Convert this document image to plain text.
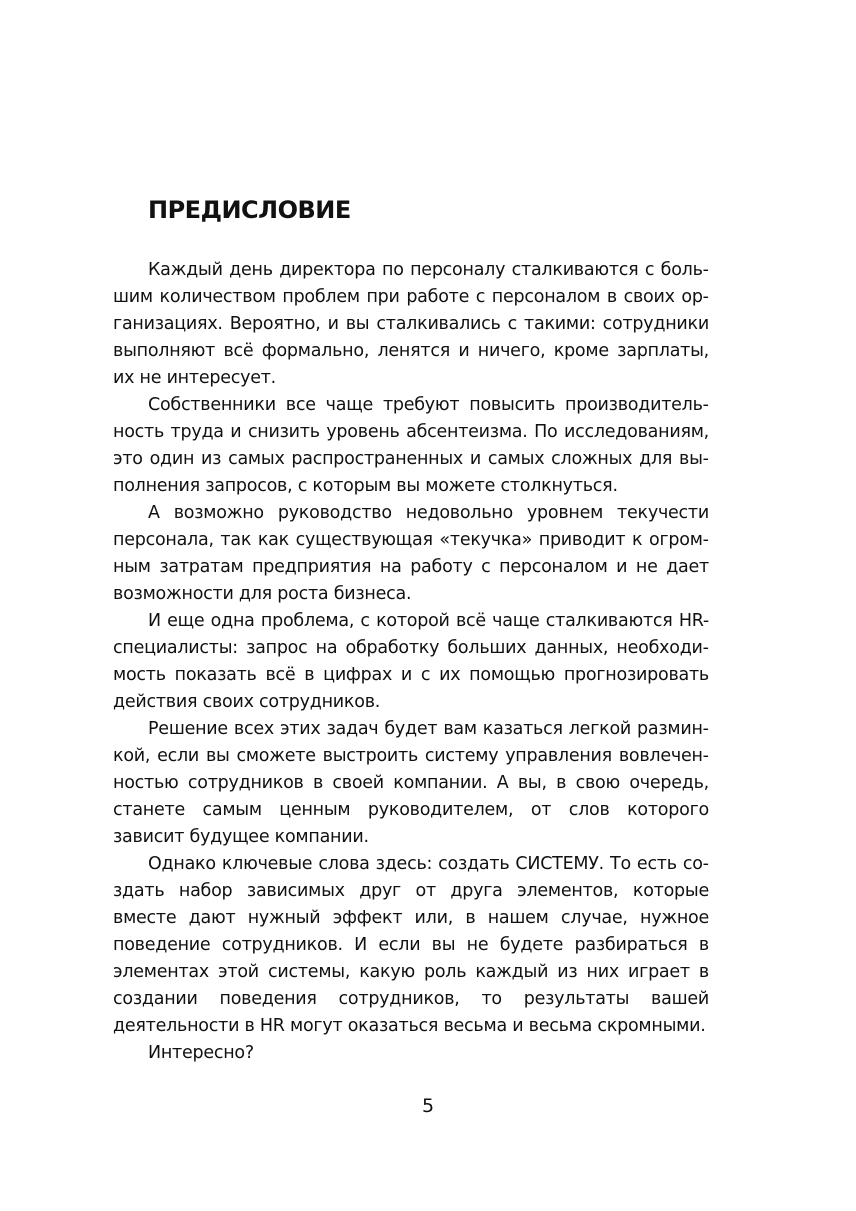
ПРЕДИСЛОВИЕ

Каждый день директора по персоналу сталкиваются с большим количеством проблем при работе с персоналом в своих организациях. Вероятно, и вы сталкивались с такими: сотрудники выполняют всё формально, ленятся и ничего, кроме зарплаты, их не интересует.

Собственники все чаще требуют повысить производительность труда и снизить уровень абсентеизма. По исследованиям, это один из самых распространенных и самых сложных для выполнения запросов, с которым вы можете столкнуться.

А возможно руководство недовольно уровнем текучести персонала, так как существующая «текучка» приводит к огромным затратам предприятия на работу с персоналом и не дает возможности для роста бизнеса.

И еще одна проблема, с которой всё чаще сталкиваются HR-специалисты: запрос на обработку больших данных, необходимость показать всё в цифрах и с их помощью прогнозировать действия своих сотрудников.

Решение всех этих задач будет вам казаться легкой разминкой, если вы сможете выстроить систему управления вовлеченностью сотрудников в своей компании. А вы, в свою очередь, станете самым ценным руководителем, от слов которого зависит будущее компании.

Однако ключевые слова здесь: создать СИСТЕМУ. То есть создать набор зависимых друг от друга элементов, которые вместе дают нужный эффект или, в нашем случае, нужное поведение сотрудников. И если вы не будете разбираться в элементах этой системы, какую роль каждый из них играет в создании поведения сотрудников, то результаты вашей деятельности в HR могут оказаться весьма и весьма скромными.

Интересно?

5
